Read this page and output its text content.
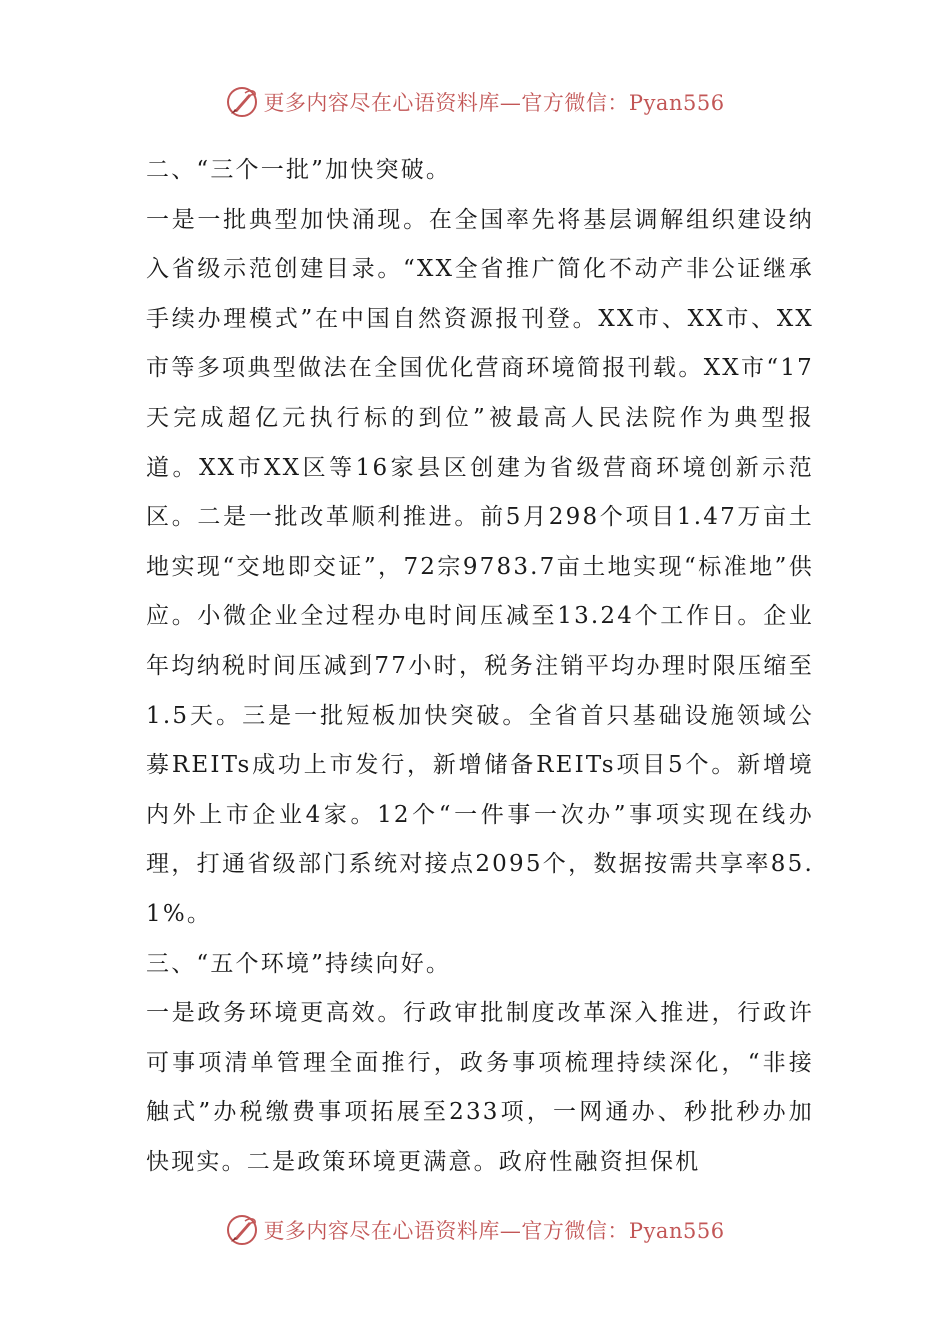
更多内容尽在心语资料库—官方微信：Pyan556

二、“三个一批”加快突破。

一是一批典型加快涌现。在全国率先将基层调解组织建设纳入省级示范创建目录。“XX全省推广简化不动产非公证继承手续办理模式”在中国自然资源报刊登。XX市、XX市、XX市等多项典型做法在全国优化营商环境简报刊载。XX市“17天完成超亿元执行标的到位”被最高人民法院作为典型报道。XX市XX区等16家县区创建为省级营商环境创新示范区。二是一批改革顺利推进。前5月298个项目1.47万亩土地实现“交地即交证”，72宗9783.7亩土地实现“标准地”供应。小微企业全过程办电时间压减至13.24个工作日。企业年均纳税时间压减到77小时，税务注销平均办理时限压缩至1.5天。三是一批短板加快突破。全省首只基础设施领域公募REITs成功上市发行，新增储备REITs项目5个。新增境内外上市企业4家。12个“一件事一次办”事项实现在线办理，打通省级部门系统对接点2095个，数据按需共享率85.1%。

三、“五个环境”持续向好。

一是政务环境更高效。行政审批制度改革深入推进，行政许可事项清单管理全面推行，政务事项梳理持续深化，“非接触式”办税缴费事项拓展至233项，一网通办、秒批秒办加快现实。二是政策环境更满意。政府性融资担保机

更多内容尽在心语资料库—官方微信：Pyan556
